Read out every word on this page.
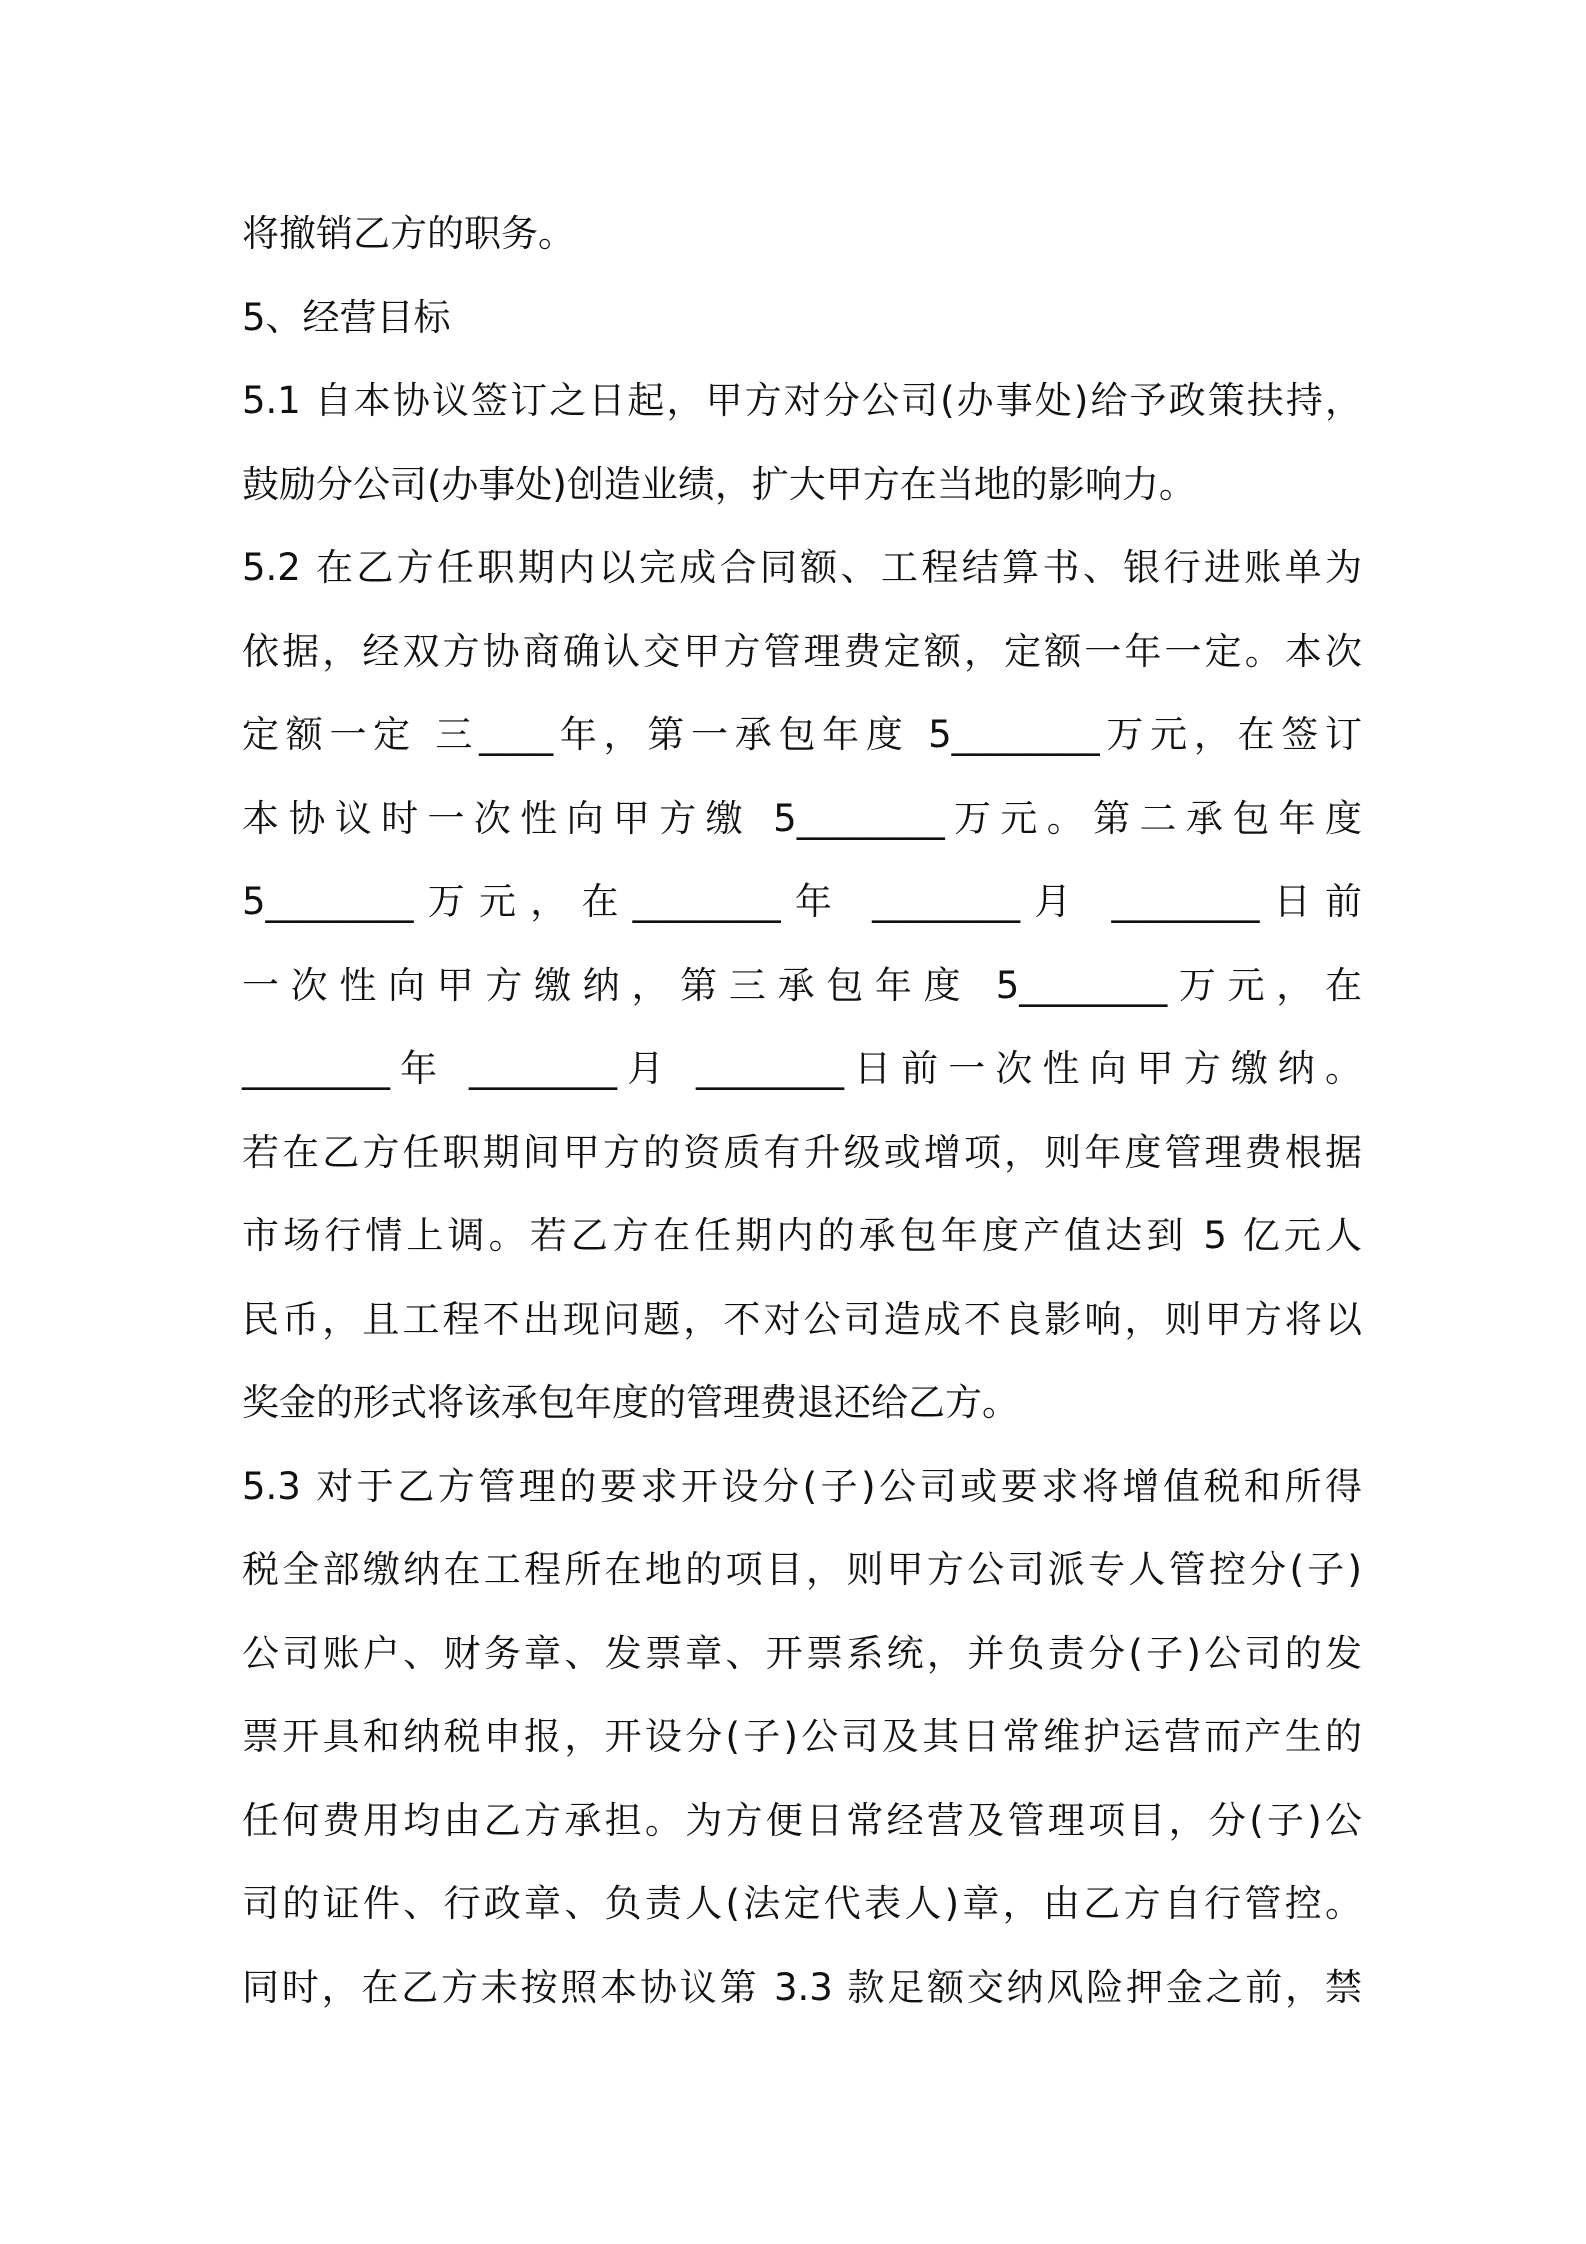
将撤销乙方的职务。
5、经营目标
5.1 自本协议签订之日起，甲方对分公司(办事处)给予政策扶持，
鼓励分公司(办事处)创造业绩，扩大甲方在当地的影响力。
5.2 在乙方任职期内以完成合同额、工程结算书、银行进账单为
依据，经双方协商确认交甲方管理费定额，定额一年一定。本次
定额一定 三____年，第一承包年度 5________万元，在签订
本协议时一次性向甲方缴 5________万元。第二承包年度
5________万元，在________年 ________月 ________日前
一次性向甲方缴纳，第三承包年度 5________万元，在
________年 ________月 ________日前一次性向甲方缴纳。
若在乙方任职期间甲方的资质有升级或增项，则年度管理费根据
市场行情上调。若乙方在任期内的承包年度产值达到 5 亿元人
民币，且工程不出现问题，不对公司造成不良影响，则甲方将以
奖金的形式将该承包年度的管理费退还给乙方。
5.3 对于乙方管理的要求开设分(子)公司或要求将增值税和所得
税全部缴纳在工程所在地的项目，则甲方公司派专人管控分(子)
公司账户、财务章、发票章、开票系统，并负责分(子)公司的发
票开具和纳税申报，开设分(子)公司及其日常维护运营而产生的
任何费用均由乙方承担。为方便日常经营及管理项目，分(子)公
司的证件、行政章、负责人(法定代表人)章，由乙方自行管控。
同时，在乙方未按照本协议第 3.3 款足额交纳风险押金之前，禁
